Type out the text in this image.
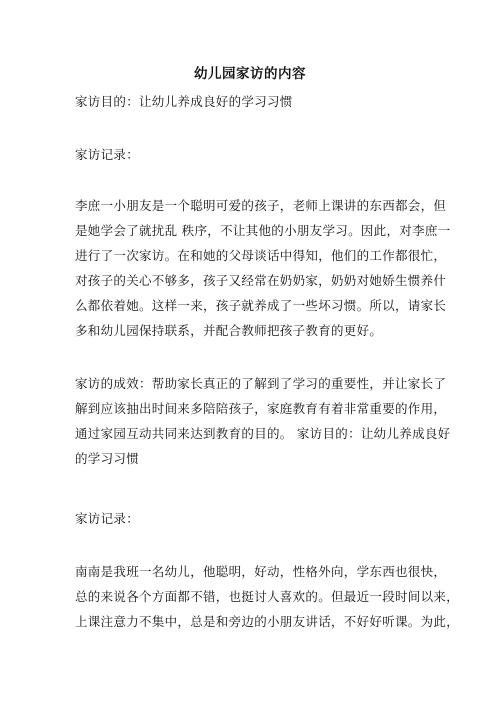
幼儿园家访的内容
家访目的：让幼儿养成良好的学习习惯
家访记录：
李庶一小朋友是一个聪明可爱的孩子，老师上课讲的东西都会，但
是她学会了就扰乱 秩序，不让其他的小朋友学习。因此，对李庶一
进行了一次家访。在和她的父母谈话中得知，他们的工作都很忙，
对孩子的关心不够多，孩子又经常在奶奶家，奶奶对她娇生惯养什
么都依着她。这样一来，孩子就养成了一些坏习惯。所以，请家长
多和幼儿园保持联系，并配合教师把孩子教育的更好。
家访的成效：帮助家长真正的了解到了学习的重要性，并让家长了
解到应该抽出时间来多陪陪孩子，家庭教育有着非常重要的作用，
通过家园互动共同来达到教育的目的。 家访目的：让幼儿养成良好
的学习习惯
家访记录：
南南是我班一名幼儿，他聪明，好动，性格外向，学东西也很快，
总的来说各个方面都不错，也挺讨人喜欢的。但最近一段时间以来，
上课注意力不集中，总是和旁边的小朋友讲话，不好好听课。为此，
